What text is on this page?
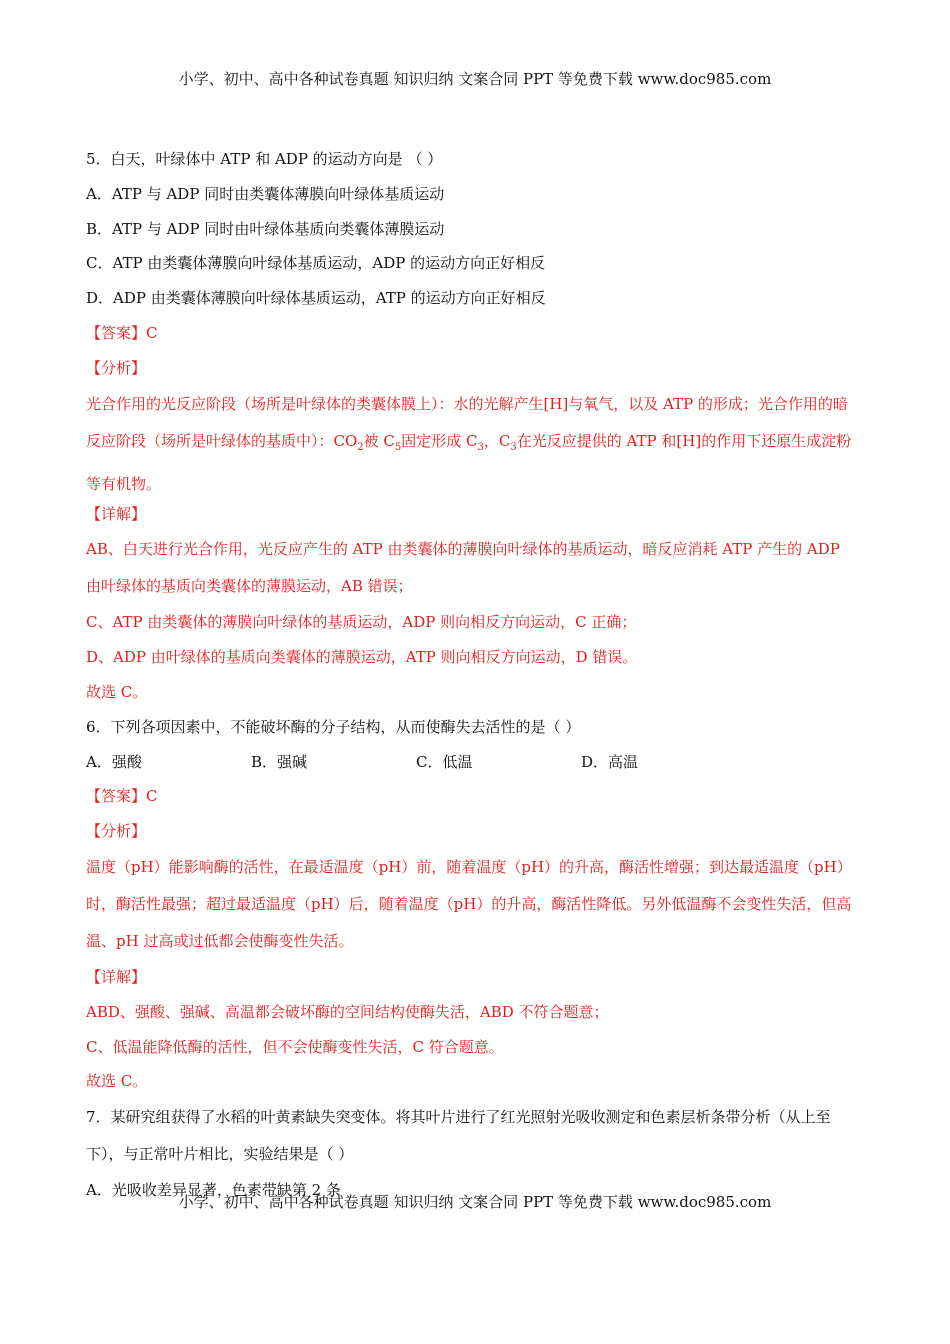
小学、初中、高中各种试卷真题 知识归纳 文案合同 PPT 等免费下载 www.doc985.com
5．白天，叶绿体中 ATP 和 ADP 的运动方向是 （ ）
A．ATP 与 ADP 同时由类囊体薄膜向叶绿体基质运动
B．ATP 与 ADP 同时由叶绿体基质向类囊体薄膜运动
C．ATP 由类囊体薄膜向叶绿体基质运动，ADP 的运动方向正好相反
D．ADP 由类囊体薄膜向叶绿体基质运动，ATP 的运动方向正好相反
【答案】C
【分析】
光合作用的光反应阶段（场所是叶绿体的类囊体膜上）：水的光解产生[H]与氧气，以及 ATP 的形成；光合作用的暗反应阶段（场所是叶绿体的基质中）：$CO_2$被 $C_5$固定形成 $C_3$，$C_3$在光反应提供的 ATP 和[H]的作用下还原生成淀粉等有机物。
【详解】
AB、白天进行光合作用，光反应产生的 ATP 由类囊体的薄膜向叶绿体的基质运动，暗反应消耗 ATP 产生的 ADP 由叶绿体的基质向类囊体的薄膜运动，AB 错误；
C、ATP 由类囊体的薄膜向叶绿体的基质运动，ADP 则向相反方向运动，C 正确；
D、ADP 由叶绿体的基质向类囊体的薄膜运动，ATP 则向相反方向运动，D 错误。
故选 C。
6．下列各项因素中，不能破坏酶的分子结构，从而使酶失去活性的是（ ）
A．强酸	B．强碱	C．低温	D．高温
【答案】C
【分析】
温度（pH）能影响酶的活性，在最适温度（pH）前，随着温度（pH）的升高，酶活性增强；到达最适温度（pH）时，酶活性最强；超过最适温度（pH）后，随着温度（pH）的升高，酶活性降低。另外低温酶不会变性失活，但高温、pH 过高或过低都会使酶变性失活。
【详解】
ABD、强酸、强碱、高温都会破坏酶的空间结构使酶失活，ABD 不符合题意；
C、低温能降低酶的活性，但不会使酶变性失活，C 符合题意。
故选 C。
7．某研究组获得了水稻的叶黄素缺失突变体。将其叶片进行了红光照射光吸收测定和色素层析条带分析（从上至下），与正常叶片相比，实验结果是（ ）
A．光吸收差异显著，色素带缺第 2 条
小学、初中、高中各种试卷真题 知识归纳 文案合同 PPT 等免费下载 www.doc985.com
